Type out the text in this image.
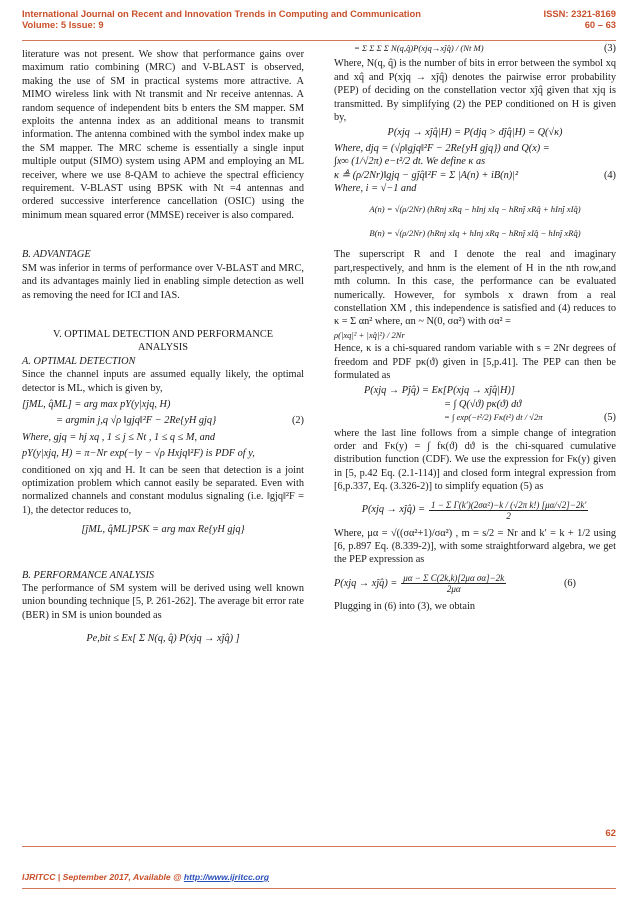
International Journal on Recent and Innovation Trends in Computing and Communication
Volume: 5 Issue: 9
ISSN: 2321-8169
60 – 63

literature was not present. We show that performance gains over maximum ratio combining (MRC) and V-BLAST is observed, making the use of SM in practical systems more attractive. A MIMO wireless link with Nt transmit and Nr receive antennas. A random sequence of independent bits b enters the SM mapper. SM exploits the antenna index as an additional means to transmit information. The antenna combined with the symbol index make up the SM mapper. The MRC scheme is essentially a single input multiple output (SIMO) system using APM and employing an ML receiver, where we use 8-QAM to achieve the spectral efficiency requirement. V-BLAST using BPSK with Nt =4 antennas and ordered successive interference cancellation (OSIC) using the minimum mean squared error (MMSE) receiver is also compared.

B. ADVANTAGE

SM was inferior in terms of performance over V-BLAST and MRC, and its advantages mainly lied in enabling simple detection as well as removing the need for ICI and IAS.

V. OPTIMAL DETECTION AND PERFORMANCE ANALYSIS

A. OPTIMAL DETECTION

Since the channel inputs are assumed equally likely, the optimal detector is ML, which is given by,

[ĵML, q̂ML] = arg max pY(y|xjq, H)

= argmin j,q √ρ ‖gjq‖²F − 2Re{yH gjq}	(2)

Where, gjq = hj xq , 1 ≤ j ≤ Nt , 1 ≤ q ≤ M, and

pY(y|xjq, H) = π−Nr exp(−‖y − √ρ Hxjq‖²F) is PDF of y,

conditioned on xjq and H. It can be seen that detection is a joint optimization problem which cannot easily be separated. Even with normalized channels and constant modulus signaling (i.e. ‖gjq‖²F = 1), the detector reduces to,

[ĵML, q̂ML]PSK = arg max Re{yH gjq}

B. PERFORMANCE ANALYSIS

The performance of SM system will be derived using well known union bounding technique [5, P. 261-262]. The average bit error rate (BER) in SM is union bounded as

Pe,bit ≤ Ex[ Σ N(q, q̂) P(xjq → xĵq̂) ]

= Σ Σ Σ Σ N(q,q̂)P(xjq→xĵq̂) / (Nt M)	(3)

Where, N(q, q̂) is the number of bits in error between the symbol xq and xq̂ and P(xjq → xĵq̂) denotes the pairwise error probability (PEP) of deciding on the constellation vector xĵq̂ given that xjq is transmitted. By simplifying (2) the PEP conditioned on H is given by,

P(xjq → xĵq̂|H) = P(djq > dĵq̂|H) = Q(√κ)

Where, djq = (√ρ‖gjq‖²F − 2Re{yH gjq}) and Q(x) =

∫x∞ (1/√2π) e−t²/2 dt. We define κ as

κ ≜ (ρ/2Nr)‖gjq − gĵq̂‖²F = Σ |A(n) + iB(n)|²	(4)

Where, i = √−1 and

A(n) = √(ρ/2Nr) (hRnj xRq − hInj xIq − hRnĵ xRq̂ + hInĵ xIq̂)

B(n) = √(ρ/2Nr) (hRnj xIq + hInj xRq − hRnĵ xIq̂ − hInĵ xRq̂)

The superscript R and I denote the real and imaginary part,respectively, and hnm is the element of H in the nth row,and mth column. In this case, the performance can be evaluated numerically. However, for symbols x drawn from a real constellation XM , this independence is satisfied and (4) reduces to κ = Σ αn² where, αn ~ N(0, σα²) with σα² =

ρ(|xq|² + |xq̂|²) / 2Nr

Hence, κ is a chi-squared random variable with s = 2Nr degrees of freedom and PDF pκ(ϑ) given in [5,p.41]. The PEP can then be formulated as

P(xjq → Pĵq̂) = Eκ[P(xjq → xĵq̂|H)]

= ∫ Q(√ϑ) pκ(ϑ) dϑ

= ∫ exp(−t²/2) Fκ(t²) dt / √2π	(5)

where the last line follows from a simple change of integration order and Fκ(y) = ∫ fκ(ϑ) dϑ is the chi-squared cumulative distribution function (CDF). We use the expression for Fκ(y) given in [5, p.42 Eq. (2.1-114)] and closed form integral expression from [6,p.337, Eq. (3.326-2)] to simplify equation (5) as

P(xjq → xĵq̂) = $\frac{\text{1 − Σ Γ(k′)(2σα²)−k / (√2π k!) [μα/√2]−2k′}}{2}$

Where, μα = √((σα²+1)/σα²) , m = s/2 = Nr and k′ = k + 1/2 using [6, p.897 Eq. (8.339-2)], with some straightforward algebra, we get the PEP expression as

P(xjq → xĵq̂) = $\frac{\text{μα − Σ C(2k,k)[2μα σα]−2k}}{2\mu\alpha}$	(6)

Plugging in (6) into (3), we obtain

62
IJRITCC | September 2017, Available @ http://www.ijritcc.org
